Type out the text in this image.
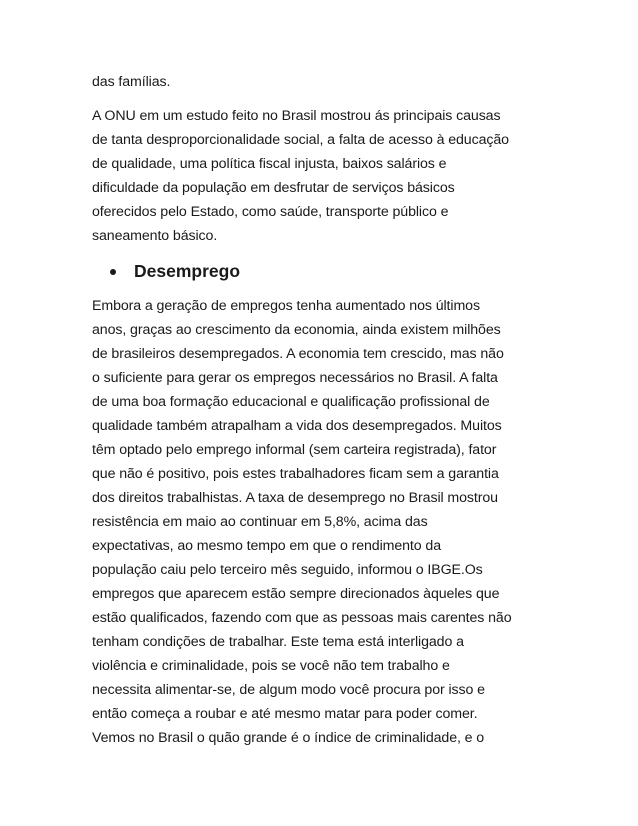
das famílias.
A ONU em um estudo feito no Brasil mostrou ás principais causas
de tanta desproporcionalidade social, a falta de acesso à educação
de qualidade, uma política fiscal injusta, baixos salários e
dificuldade da população em desfrutar de serviços básicos
oferecidos pelo Estado, como saúde, transporte público e
saneamento básico.
Desemprego
Embora a geração de empregos tenha aumentado nos últimos
anos, graças ao crescimento da economia, ainda existem milhões
de brasileiros desempregados. A economia tem crescido, mas não
o suficiente para gerar os empregos necessários no Brasil. A falta
de uma boa formação educacional e qualificação profissional de
qualidade também atrapalham a vida dos desempregados. Muitos
têm optado pelo emprego informal (sem carteira registrada), fator
que não é positivo, pois estes trabalhadores ficam sem a garantia
dos direitos trabalhistas. A taxa de desemprego no Brasil mostrou
resistência em maio ao continuar em 5,8%, acima das
expectativas, ao mesmo tempo em que o rendimento da
população caiu pelo terceiro mês seguido, informou o IBGE.Os
empregos que aparecem estão sempre direcionados àqueles que
estão qualificados, fazendo com que as pessoas mais carentes não
tenham condições de trabalhar. Este tema está interligado a
violência e criminalidade, pois se você não tem trabalho e
necessita alimentar-se, de algum modo você procura por isso e
então começa a roubar e até mesmo matar para poder comer.
Vemos no Brasil o quão grande é o índice de criminalidade, e o
